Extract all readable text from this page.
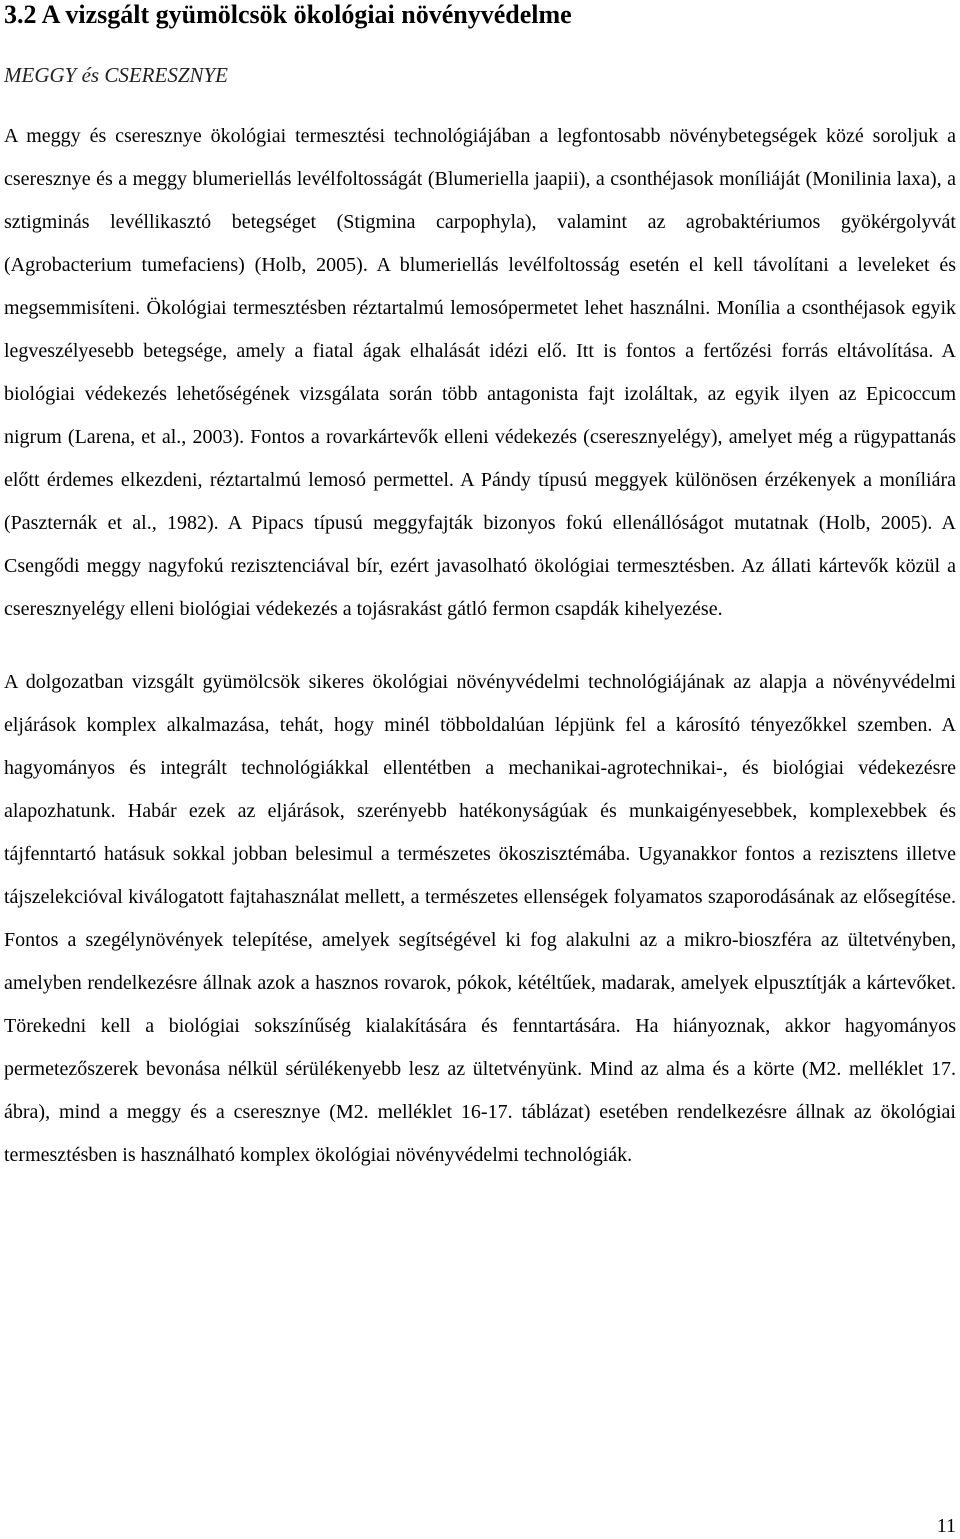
3.2 A vizsgált gyümölcsök ökológiai növényvédelme
MEGGY és CSERESZNYE

A meggy és cseresznye ökológiai termesztési technológiájában a legfontosabb növénybetegségek közé soroljuk a cseresznye és a meggy blumeriellás levélfoltosságát (Blumeriella jaapii), a csonthéjasok moníliáját (Monilinia laxa), a sztigminás levéllikasztó betegséget (Stigmina carpophyla), valamint az agrobaktériumos gyökérgolyvát (Agrobacterium tumefaciens) (Holb, 2005). A blumeriellás levélfoltosság esetén el kell távolítani a leveleket és megsemmisíteni. Ökológiai termesztésben réztartalmú lemosópermetet lehet használni. Monília a csonthéjasok egyik legveszélyesebb betegsége, amely a fiatal ágak elhalását idézi elő. Itt is fontos a fertőzési forrás eltávolítása. A biológiai védekezés lehetőségének vizsgálata során több antagonista fajt izoláltak, az egyik ilyen az Epicoccum nigrum (Larena, et al., 2003). Fontos a rovarkártevők elleni védekezés (cseresznyelégy), amelyet még a rügypattanás előtt érdemes elkezdeni, réztartalmú lemosó permettel. A Pándy típusú meggyek különösen érzékenyek a moníliára (Paszternák et al., 1982). A Pipacs típusú meggyfajták bizonyos fokú ellenállóságot mutatnak (Holb, 2005). A Csengődi meggy nagyfokú rezisztenciával bír, ezért javasolható ökológiai termesztésben. Az állati kártevők közül a cseresznyelégy elleni biológiai védekezés a tojásrakást gátló fermon csapdák kihelyezése.

A dolgozatban vizsgált gyümölcsök sikeres ökológiai növényvédelmi technológiájának az alapja a növényvédelmi eljárások komplex alkalmazása, tehát, hogy minél többoldalúan lépjünk fel a károsító tényezőkkel szemben. A hagyományos és integrált technológiákkal ellentétben a mechanikai-agrotechnikai-, és biológiai védekezésre alapozhatunk. Habár ezek az eljárások, szerényebb hatékonyságúak és munkaigényesebbek, komplexebbek és tájfenntartó hatásuk sokkal jobban belesimul a természetes ökoszisztémába. Ugyanakkor fontos a rezisztens illetve tájszelekcióval kiválogatott fajtahasználat mellett, a természetes ellenségek folyamatos szaporodásának az elősegítése. Fontos a szegélynövények telepítése, amelyek segítségével ki fog alakulni az a mikro-bioszféra az ültetvényben, amelyben rendelkezésre állnak azok a hasznos rovarok, pókok, kétéltűek, madarak, amelyek elpusztítják a kártevőket. Törekedni kell a biológiai sokszínűség kialakítására és fenntartására. Ha hiányoznak, akkor hagyományos permetezőszerek bevonása nélkül sérülékenyebb lesz az ültetvényünk. Mind az alma és a körte (M2. melléklet 17. ábra), mind a meggy és a cseresznye (M2. melléklet 16-17. táblázat) esetében rendelkezésre állnak az ökológiai termesztésben is használható komplex ökológiai növényvédelmi technológiák.

11
